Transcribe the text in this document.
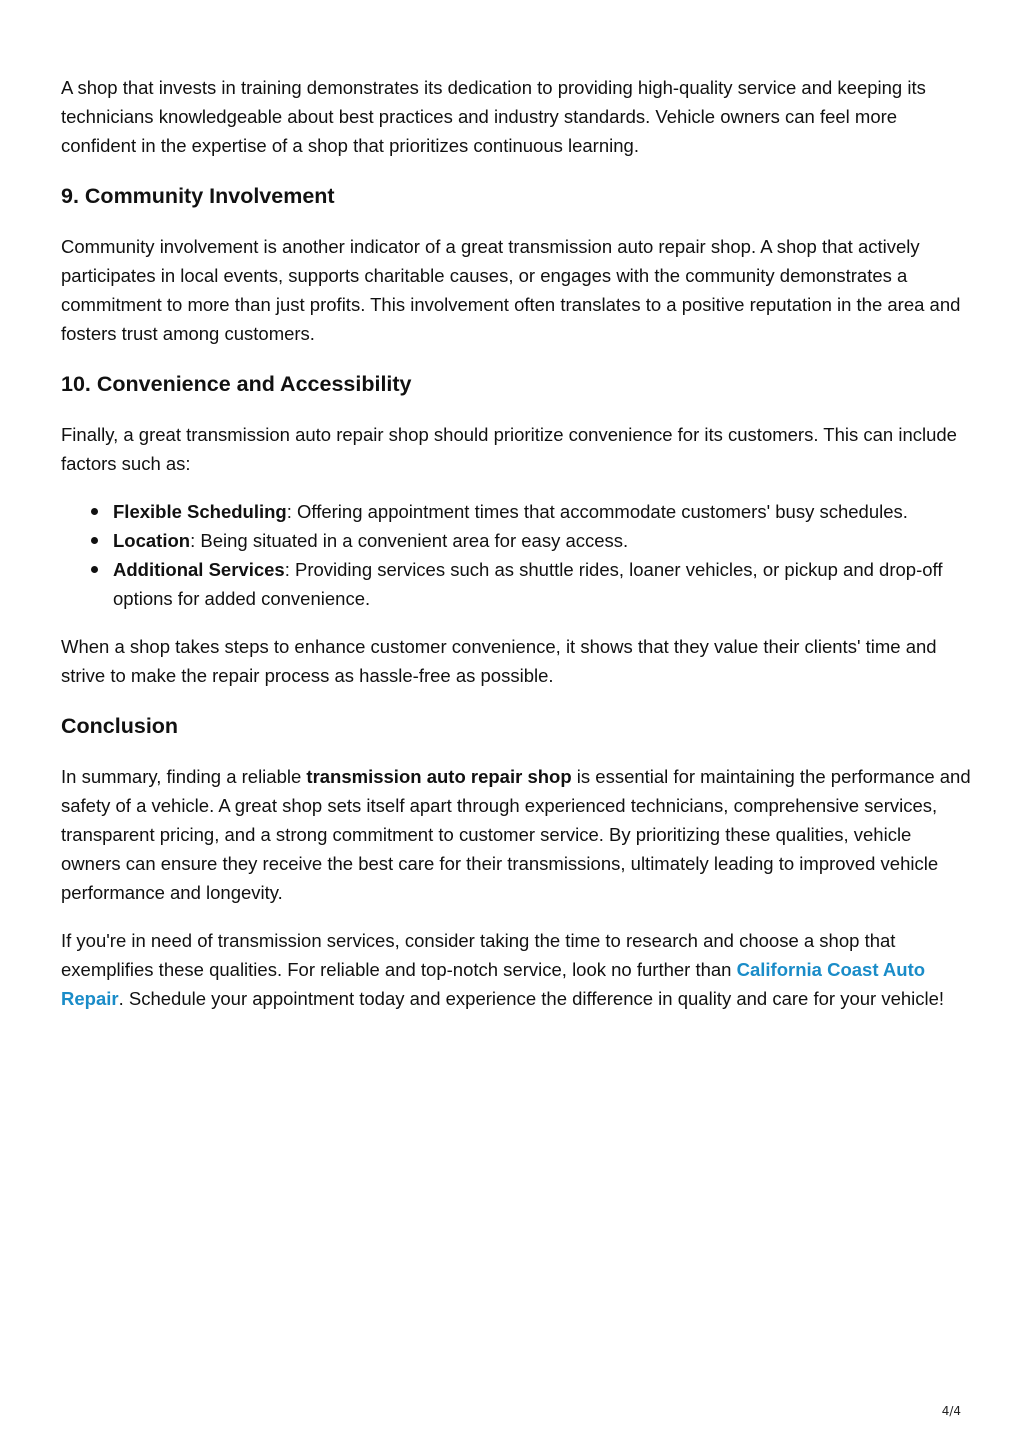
A shop that invests in training demonstrates its dedication to providing high-quality service and keeping its technicians knowledgeable about best practices and industry standards. Vehicle owners can feel more confident in the expertise of a shop that prioritizes continuous learning.

9. Community Involvement

Community involvement is another indicator of a great transmission auto repair shop. A shop that actively participates in local events, supports charitable causes, or engages with the community demonstrates a commitment to more than just profits. This involvement often translates to a positive reputation in the area and fosters trust among customers.

10. Convenience and Accessibility

Finally, a great transmission auto repair shop should prioritize convenience for its customers. This can include factors such as:

Flexible Scheduling: Offering appointment times that accommodate customers' busy schedules.
Location: Being situated in a convenient area for easy access.
Additional Services: Providing services such as shuttle rides, loaner vehicles, or pickup and drop-off options for added convenience.

When a shop takes steps to enhance customer convenience, it shows that they value their clients' time and strive to make the repair process as hassle-free as possible.

Conclusion

In summary, finding a reliable transmission auto repair shop is essential for maintaining the performance and safety of a vehicle. A great shop sets itself apart through experienced technicians, comprehensive services, transparent pricing, and a strong commitment to customer service. By prioritizing these qualities, vehicle owners can ensure they receive the best care for their transmissions, ultimately leading to improved vehicle performance and longevity.

If you're in need of transmission services, consider taking the time to research and choose a shop that exemplifies these qualities. For reliable and top-notch service, look no further than California Coast Auto Repair. Schedule your appointment today and experience the difference in quality and care for your vehicle!

4/4
